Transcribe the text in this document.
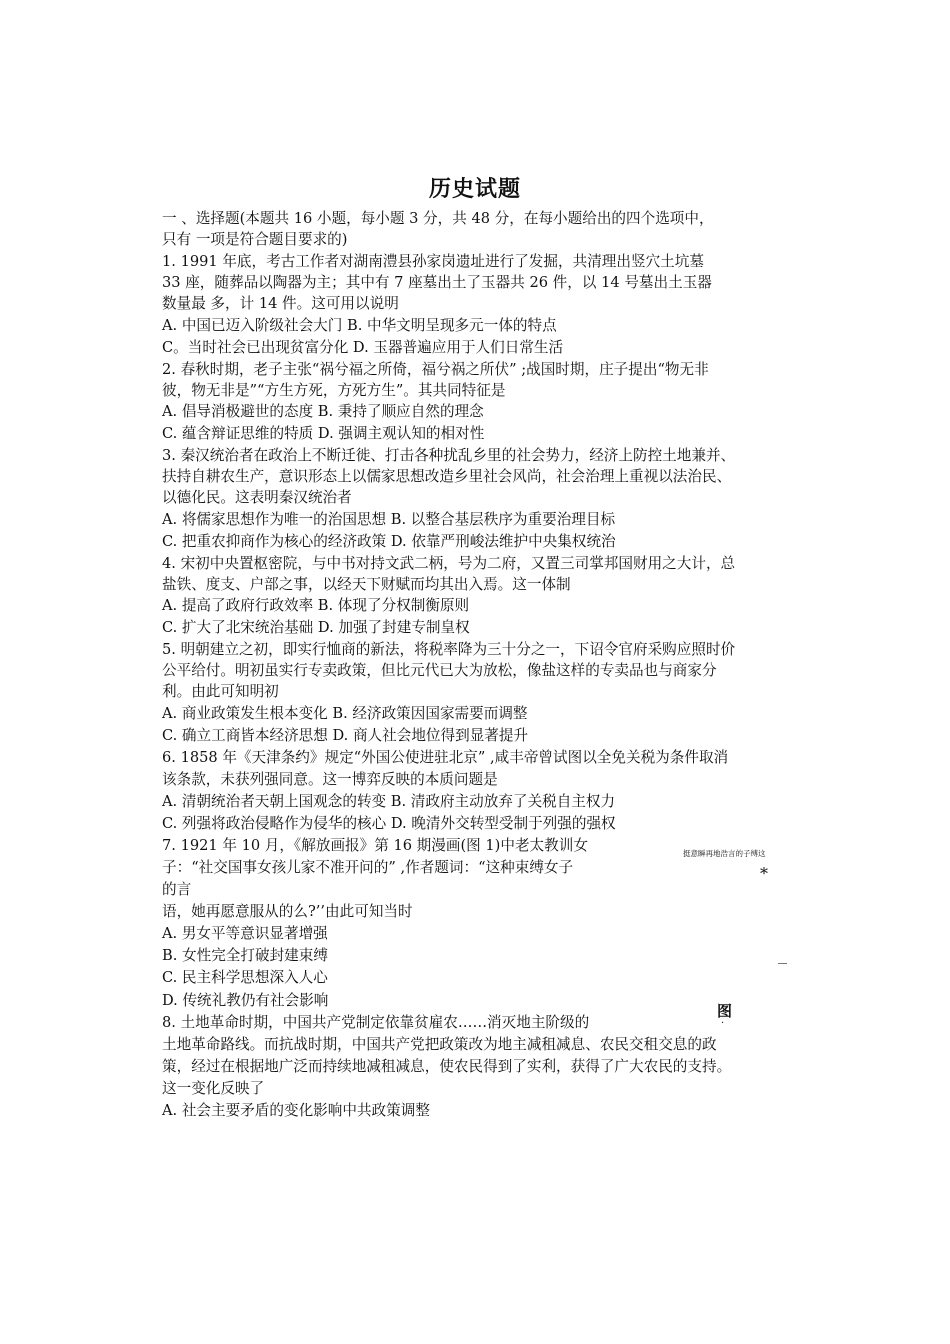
历史试题
一 、选择题(本题共 16 小题，每小题 3 分，共 48 分，在每小题给出的四个选项中，
只有 一项是符合题目要求的)
1. 1991 年底，考古工作者对湖南澧县孙家岗遗址进行了发掘，共清理出竖穴土坑墓
33 座，随葬品以陶器为主；其中有 7 座墓出土了玉器共 26 件，以 14 号墓出土玉器
数量最 多，计 14 件。这可用以说明
A. 中国已迈入阶级社会大门 B. 中华文明呈现多元一体的特点
C。当时社会已出现贫富分化 D. 玉器普遍应用于人们日常生活
2. 春秋时期，老子主张“祸兮福之所倚，福兮祸之所伏” ;战国时期，庄子提出“物无非
彼，物无非是”“方生方死，方死方生”。其共同特征是
A. 倡导消极避世的态度 B. 秉持了顺应自然的理念
C. 蕴含辩证思维的特质 D. 强调主观认知的相对性
3. 秦汉统治者在政治上不断迁徙、打击各种扰乱乡里的社会势力，经济上防控土地兼并、
扶持自耕农生产，意识形态上以儒家思想改造乡里社会风尚，社会治理上重视以法治民、
以德化民。这表明秦汉统治者
A. 将儒家思想作为唯一的治国思想 B. 以整合基层秩序为重要治理目标
C. 把重农抑商作为核心的经济政策 D. 依靠严刑峻法维护中央集权统治
4. 宋初中央置枢密院，与中书对持文武二柄，号为二府，又置三司掌邦国财用之大计，总
盐铁、度支、户部之事，以经天下财赋而均其出入焉。这一体制
A. 提高了政府行政效率 B. 体现了分权制衡原则
C. 扩大了北宋统治基础 D. 加强了封建专制皇权
5. 明朝建立之初，即实行恤商的新法，将税率降为三十分之一，下诏令官府采购应照时价
公平给付。明初虽实行专卖政策，但比元代已大为放松，像盐这样的专卖品也与商家分
利。由此可知明初
A. 商业政策发生根本变化 B. 经济政策因国家需要而调整
C. 确立工商皆本经济思想 D. 商人社会地位得到显著提升
6. 1858 年《天津条约》规定“外国公使进驻北京” ,咸丰帝曾试图以全免关税为条件取消
该条款，未获列强同意。这一博弈反映的本质问题是
A. 清朝统治者天朝上国观念的转变 B. 清政府主动放弃了关税自主权力
C. 列强将政治侵略作为侵华的核心 D. 晚清外交转型受制于列强的强权
7. 1921 年 10 月，《解放画报》第 16 期漫画(图 1)中老太教训女
子：“社交国事女孩儿家不准开问的” ,作者题词：“这种束缚女子
的言
语，她再愿意服从的么?’’由此可知当时
A. 男女平等意识显著增强
B. 女性完全打破封建束缚
C. 民主科学思想深入人心
D. 传统礼教仍有社会影响
8. 土地革命时期，中国共产党制定依靠贫雇农……消灭地主阶级的
土地革命路线。而抗战时期，中国共产党把政策改为地主减租减息、农民交租交息的政
策，经过在根据地广泛而持续地减租减息，使农民得到了实利，获得了广大农民的支持。
这一变化反映了
A. 社会主要矛盾的变化影响中共政策调整
挺意瞬再地浩言的子缚这
*
图
·
